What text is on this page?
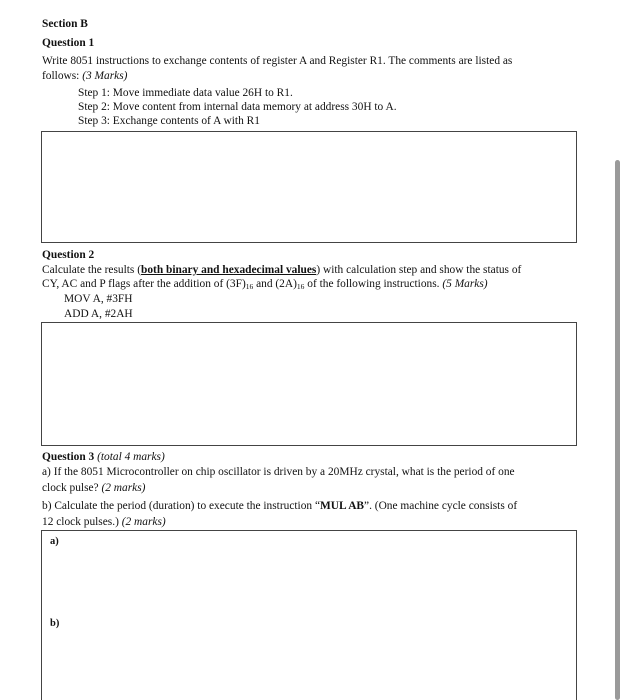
Section B
Question 1
Write 8051 instructions to exchange contents of register A and Register R1. The comments are listed as
follows: (3 Marks)
Step 1: Move immediate data value 26H to R1.
Step 2: Move content from internal data memory at address 30H to A.
Step 3: Exchange contents of A with R1
Question 2
Calculate the results (both binary and hexadecimal values) with calculation step and show the status of
CY, AC and P flags after the addition of $(3F)_{16}$ and $(2A)_{16}$ of the following instructions. (5 Marks)
MOV A, #3FH
ADD A, #2AH
Question 3 (total 4 marks)
a) If the 8051 Microcontroller on chip oscillator is driven by a 20MHz crystal, what is the period of one
clock pulse? (2 marks)
b) Calculate the period (duration) to execute the instruction “MUL AB”. (One machine cycle consists of
12 clock pulses.) (2 marks)
a)
b)
